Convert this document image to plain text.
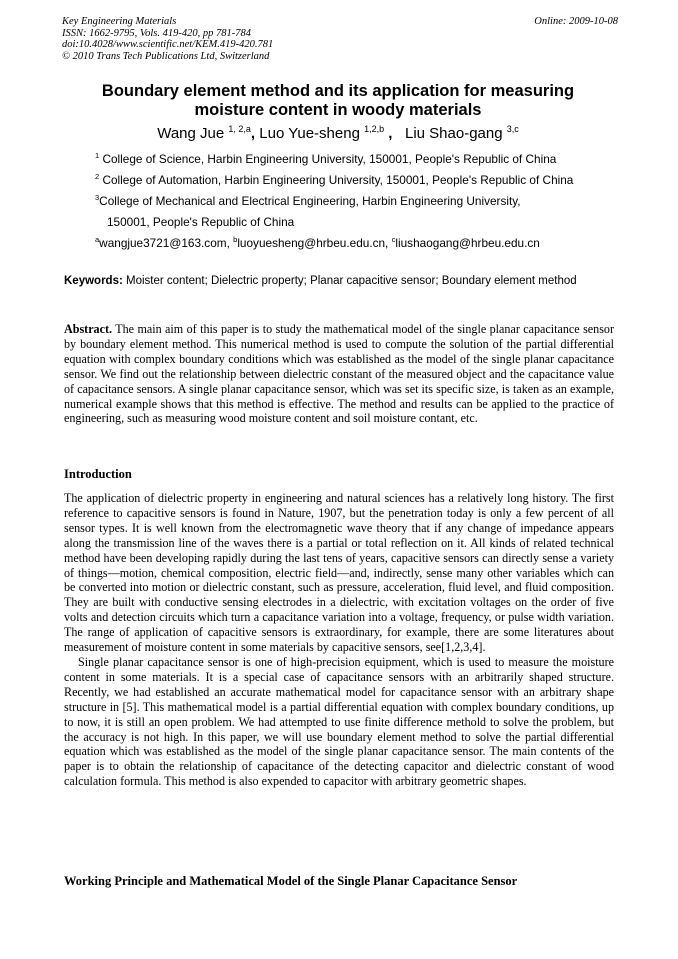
Key Engineering Materials
ISSN: 1662-9795, Vols. 419-420, pp 781-784
doi:10.4028/www.scientific.net/KEM.419-420.781
© 2010 Trans Tech Publications Ltd, Switzerland
Online: 2009-10-08
Boundary element method and its application for measuring
moisture content in woody materials
Wang Jue $^{1, 2,a}$, Luo Yue-sheng $^{1,2,b}$ , Liu Shao-gang $^{3,c}$
$^1$ College of Science, Harbin Engineering University, 150001, People's Republic of China
$^2$ College of Automation, Harbin Engineering University, 150001, People's Republic of China
$^3$College of Mechanical and Electrical Engineering, Harbin Engineering University,
150001, People's Republic of China
$^a$wangjue3721@163.com, $^b$luoyuesheng@hrbeu.edu.cn, $^c$liushaogang@hrbeu.edu.cn
Keywords: Moister content; Dielectric property; Planar capacitive sensor; Boundary element method

Abstract. The main aim of this paper is to study the mathematical model of the single planar capacitance sensor by boundary element method. This numerical method is used to compute the solution of the partial differential equation with complex boundary conditions which was established as the model of the single planar capacitance sensor. We find out the relationship between dielectric constant of the measured object and the capacitance value of capacitance sensors. A single planar capacitance sensor, which was set its specific size, is taken as an example, numerical example shows that this method is effective. The method and results can be applied to the practice of engineering, such as measuring wood moisture content and soil moisture contant, etc.

Introduction

The application of dielectric property in engineering and natural sciences has a relatively long history. The first reference to capacitive sensors is found in Nature, 1907, but the penetration today is only a few percent of all sensor types. It is well known from the electromagnetic wave theory that if any change of impedance appears along the transmission line of the waves there is a partial or total reflection on it. All kinds of related technical method have been developing rapidly during the last tens of years, capacitive sensors can directly sense a variety of things—motion, chemical composition, electric field—and, indirectly, sense many other variables which can be converted into motion or dielectric constant, such as pressure, acceleration, fluid level, and fluid composition. They are built with conductive sensing electrodes in a dielectric, with excitation voltages on the order of five volts and detection circuits which turn a capacitance variation into a voltage, frequency, or pulse width variation. The range of application of capacitive sensors is extraordinary, for example, there are some literatures about measurement of moisture content in some materials by capacitive sensors, see[1,2,3,4].

Single planar capacitance sensor is one of high-precision equipment, which is used to measure the moisture content in some materials. It is a special case of capacitance sensors with an arbitrarily shaped structure. Recently, we had established an accurate mathematical model for capacitance sensor with an arbitrary shape structure in [5]. This mathematical model is a partial differential equation with complex boundary conditions, up to now, it is still an open problem. We had attempted to use finite difference methold to solve the problem, but the accuracy is not high. In this paper, we will use boundary element method to solve the partial differential equation which was established as the model of the single planar capacitance sensor. The main contents of the paper is to obtain the relationship of capacitance of the detecting capacitor and dielectric constant of wood calculation formula. This method is also expended to capacitor with arbitrary geometric shapes.

Working Principle and Mathematical Model of the Single Planar Capacitance Sensor
